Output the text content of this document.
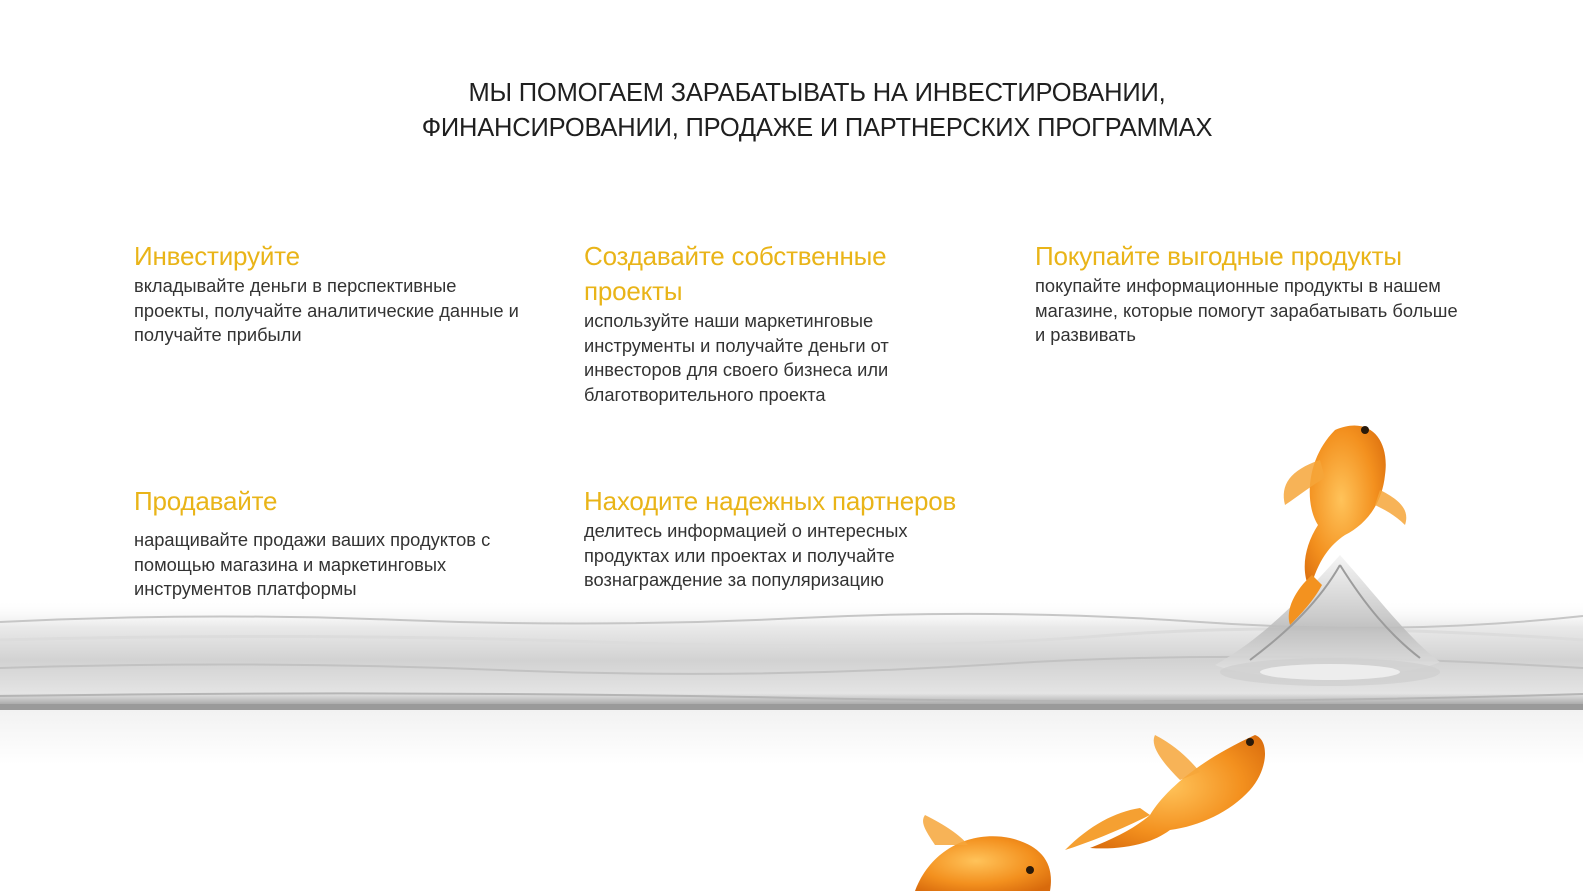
МЫ ПОМОГАЕМ ЗАРАБАТЫВАТЬ НА ИНВЕСТИРОВАНИИ,
ФИНАНСИРОВАНИИ, ПРОДАЖЕ И ПАРТНЕРСКИХ ПРОГРАММАХ
Инвестируйте

вкладывайте деньги в перспективные проекты, получайте аналитические данные и получайте прибыли

Создавайте собственные проекты

используйте наши маркетинговые инструменты и получайте деньги от инвесторов для своего бизнеса или благотворительного проекта

Покупайте выгодные продукты

покупайте информационные продукты в нашем магазине, которые помогут зарабатывать больше и развивать

Продавайте

наращивайте продажи ваших продуктов с помощью магазина и маркетинговых инструментов платформы

Находите надежных партнеров

делитесь информацией о интересных продуктах или проектах и получайте вознаграждение за популяризацию
